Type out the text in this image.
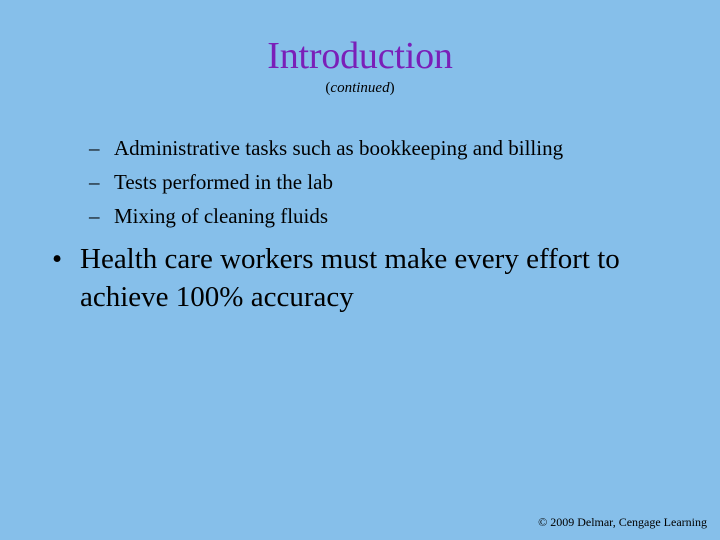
Introduction
(continued)
– Administrative tasks such as bookkeeping and billing
– Tests performed in the lab
– Mixing of cleaning fluids
• Health care workers must make every effort to achieve 100% accuracy
© 2009 Delmar, Cengage Learning
